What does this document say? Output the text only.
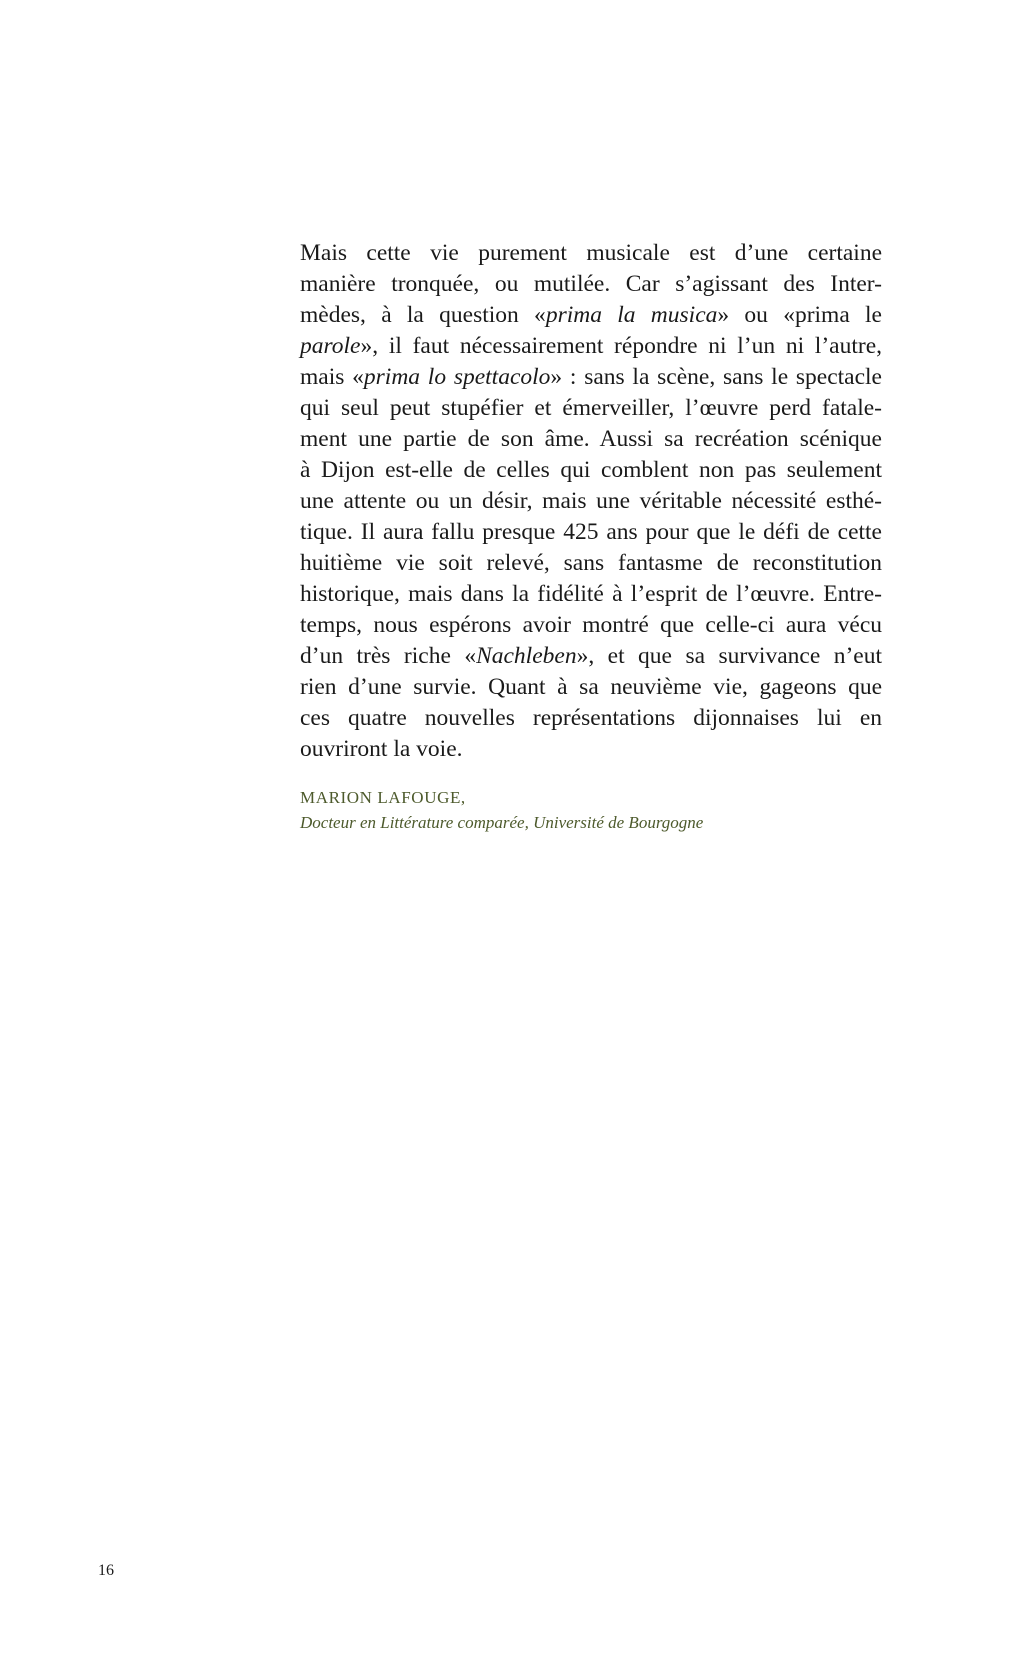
Mais cette vie purement musicale est d’une certaine
manière tronquée, ou mutilée. Car s’agissant des Inter-
mèdes, à la question «prima la musica» ou «prima le
parole», il faut nécessairement répondre ni l’un ni l’autre,
mais «prima lo spettacolo» : sans la scène, sans le spectacle
qui seul peut stupéfier et émerveiller, l’œuvre perd fatale-
ment une partie de son âme. Aussi sa recréation scénique
à Dijon est-elle de celles qui comblent non pas seulement
une attente ou un désir, mais une véritable nécessité esthé-
tique. Il aura fallu presque 425 ans pour que le défi de cette
huitième vie soit relevé, sans fantasme de reconstitution
historique, mais dans la fidélité à l’esprit de l’œuvre. Entre-
temps, nous espérons avoir montré que celle-ci aura vécu
d’un très riche «Nachleben», et que sa survivance n’eut
rien d’une survie. Quant à sa neuvième vie, gageons que
ces quatre nouvelles représentations dijonnaises lui en
ouvriront la voie.
MARION LAFOUGE,
Docteur en Littérature comparée, Université de Bourgogne
16
